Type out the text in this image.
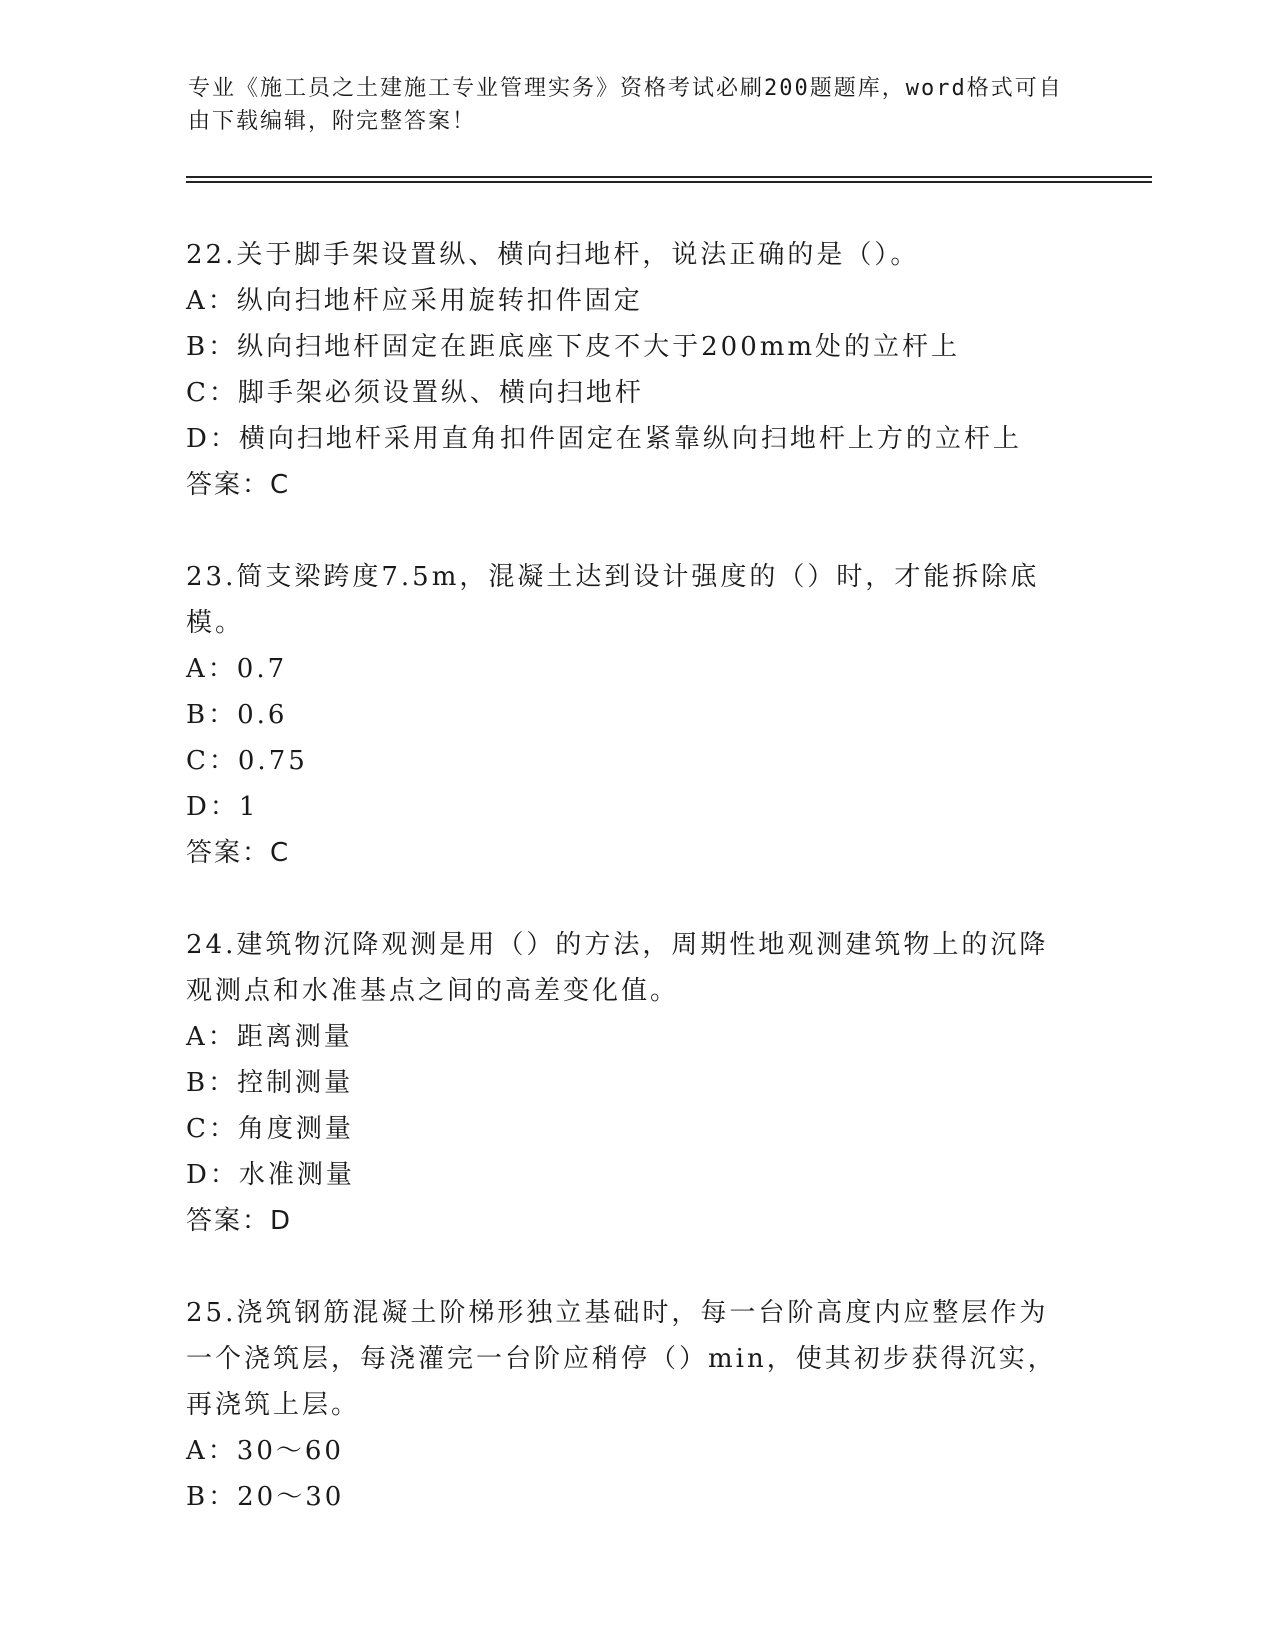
专业《施工员之土建施工专业管理实务》资格考试必刷200题题库，word格式可自由下载编辑，附完整答案！
22.关于脚手架设置纵、横向扫地杆，说法正确的是（）。
A：纵向扫地杆应采用旋转扣件固定
B：纵向扫地杆固定在距底座下皮不大于200mm处的立杆上
C：脚手架必须设置纵、横向扫地杆
D：横向扫地杆采用直角扣件固定在紧靠纵向扫地杆上方的立杆上
答案：C
23.简支梁跨度7.5m，混凝土达到设计强度的（）时，才能拆除底模。
A：0.7
B：0.6
C：0.75
D：1
答案：C
24.建筑物沉降观测是用（）的方法，周期性地观测建筑物上的沉降观测点和水准基点之间的高差变化值。
A：距离测量
B：控制测量
C：角度测量
D：水准测量
答案：D
25.浇筑钢筋混凝土阶梯形独立基础时，每一台阶高度内应整层作为一个浇筑层，每浇灌完一台阶应稍停（）min，使其初步获得沉实，再浇筑上层。
A：30～60
B：20～30
